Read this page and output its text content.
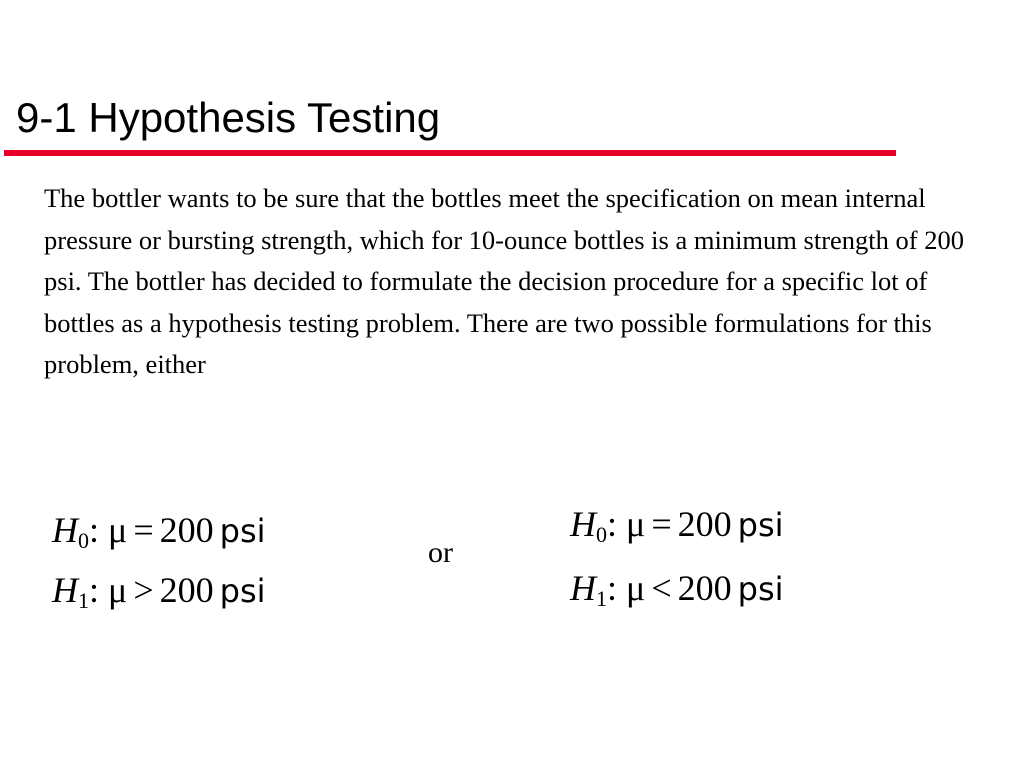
9-1 Hypothesis Testing

The bottler wants to be sure that the bottles meet the specification on mean internal pressure or bursting strength, which for 10-ounce bottles is a minimum strength of 200 psi. The bottler has decided to formulate the decision procedure for a specific lot of bottles as a hypothesis testing problem. There are two possible formulations for this problem, either

$H_0$: μ = 200 psi
$H_1$: μ > 200 psi
or
$H_0$: μ = 200 psi
$H_1$: μ < 200 psi
